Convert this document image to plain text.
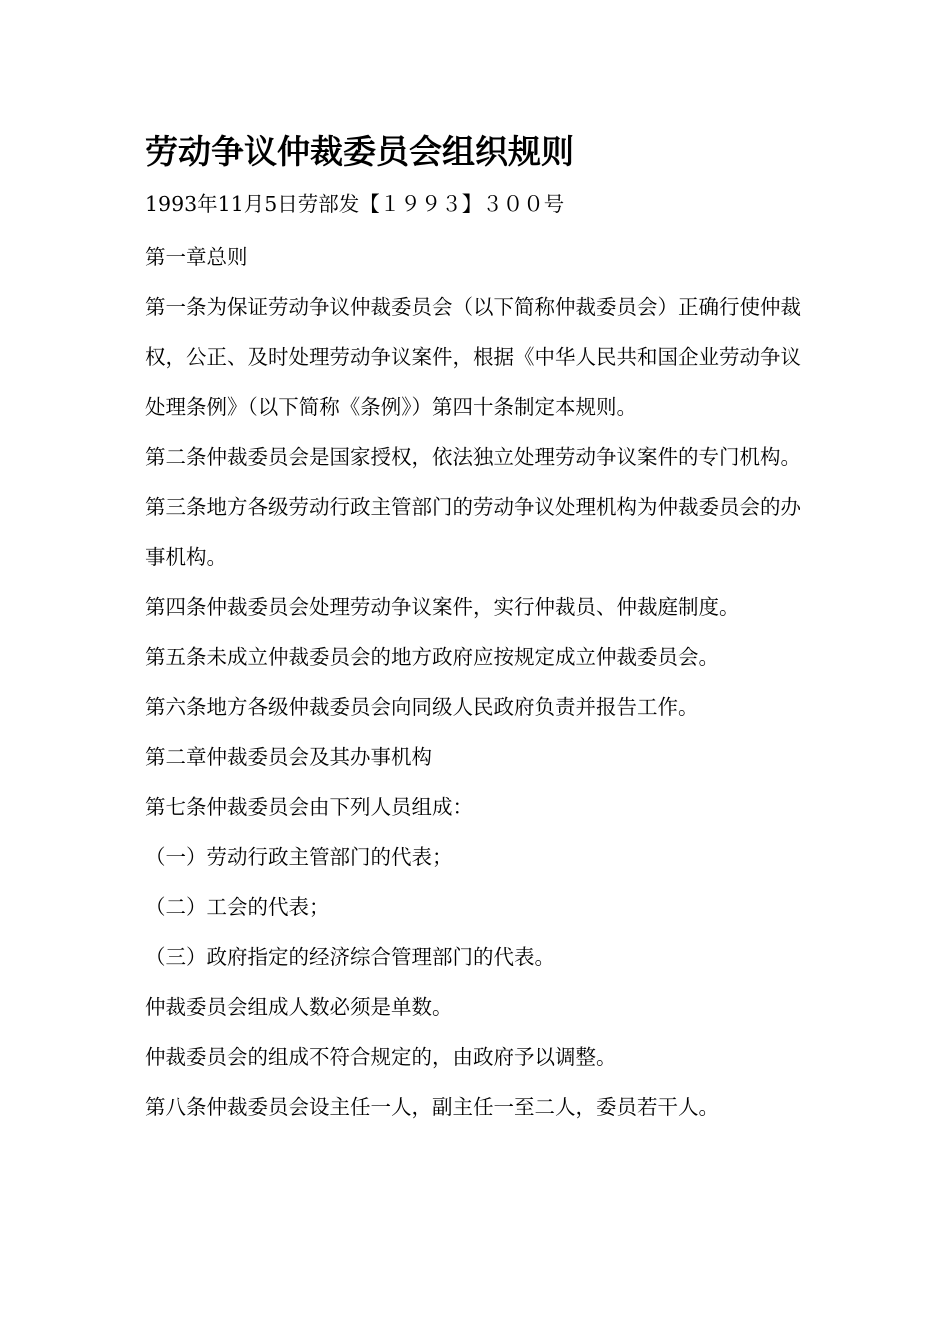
劳动争议仲裁委员会组织规则

1993年11月5日劳部发【１９９３】３００号

第一章总则

第一条为保证劳动争议仲裁委员会（以下简称仲裁委员会）正确行使仲裁权，公正、及时处理劳动争议案件，根据《中华人民共和国企业劳动争议处理条例》（以下简称《条例》）第四十条制定本规则。

第二条仲裁委员会是国家授权，依法独立处理劳动争议案件的专门机构。

第三条地方各级劳动行政主管部门的劳动争议处理机构为仲裁委员会的办事机构。

第四条仲裁委员会处理劳动争议案件，实行仲裁员、仲裁庭制度。

第五条未成立仲裁委员会的地方政府应按规定成立仲裁委员会。

第六条地方各级仲裁委员会向同级人民政府负责并报告工作。

第二章仲裁委员会及其办事机构

第七条仲裁委员会由下列人员组成：

（一）劳动行政主管部门的代表；

（二）工会的代表；

（三）政府指定的经济综合管理部门的代表。

仲裁委员会组成人数必须是单数。

仲裁委员会的组成不符合规定的，由政府予以调整。

第八条仲裁委员会设主任一人，副主任一至二人，委员若干人。
